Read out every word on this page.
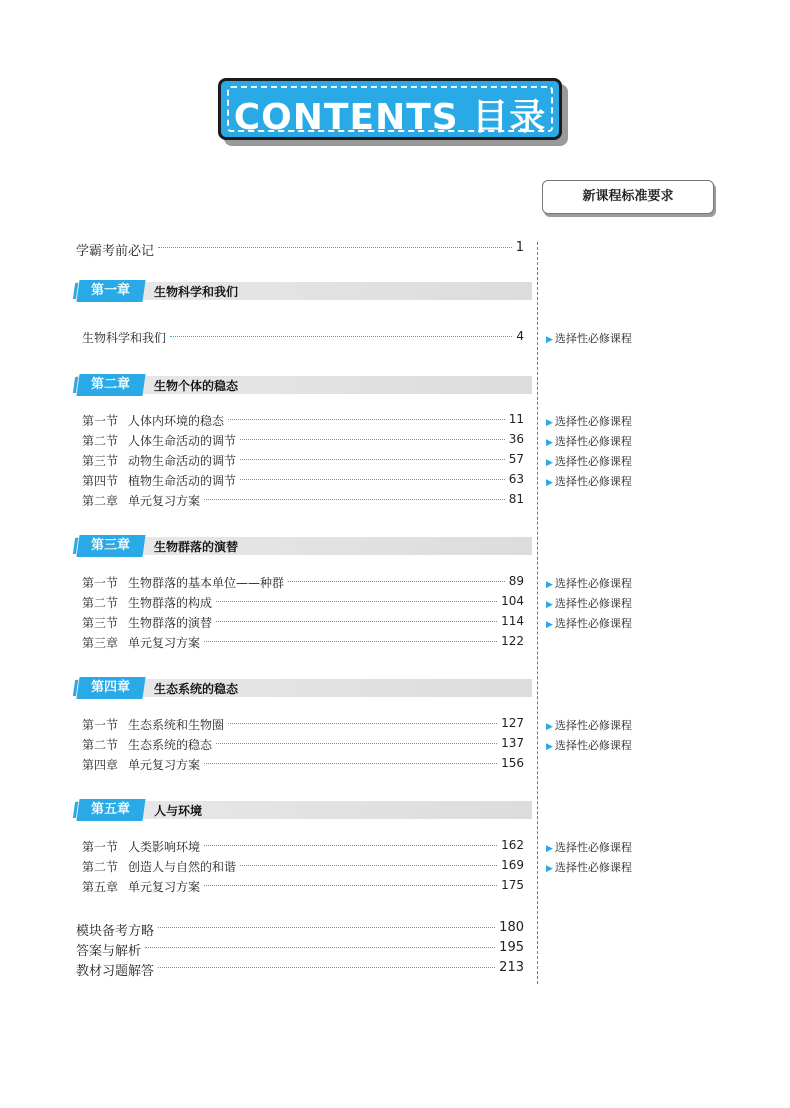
CONTENTS 目录
新课程标准要求
学霸考前必记	1
第一章	生物科学和我们
生物科学和我们	4 ▶ 选择性必修课程
第二章	生物个体的稳态
第一节 人体内环境的稳态	11 ▶ 选择性必修课程
第二节 人体生命活动的调节	36 ▶ 选择性必修课程
第三节 动物生命活动的调节	57 ▶ 选择性必修课程
第四节 植物生命活动的调节	63 ▶ 选择性必修课程
第二章 单元复习方案	81
第三章	生物群落的演替
第一节 生物群落的基本单位——种群	89 ▶ 选择性必修课程
第二节 生物群落的构成	104 ▶ 选择性必修课程
第三节 生物群落的演替	114 ▶ 选择性必修课程
第三章 单元复习方案	122
第四章	生态系统的稳态
第一节 生态系统和生物圈	127 ▶ 选择性必修课程
第二节 生态系统的稳态	137 ▶ 选择性必修课程
第四章 单元复习方案	156
第五章	人与环境
第一节 人类影响环境	162 ▶ 选择性必修课程
第二节 创造人与自然的和谐	169 ▶ 选择性必修课程
第五章 单元复习方案	175
模块备考方略	180
答案与解析	195
教材习题解答	213
